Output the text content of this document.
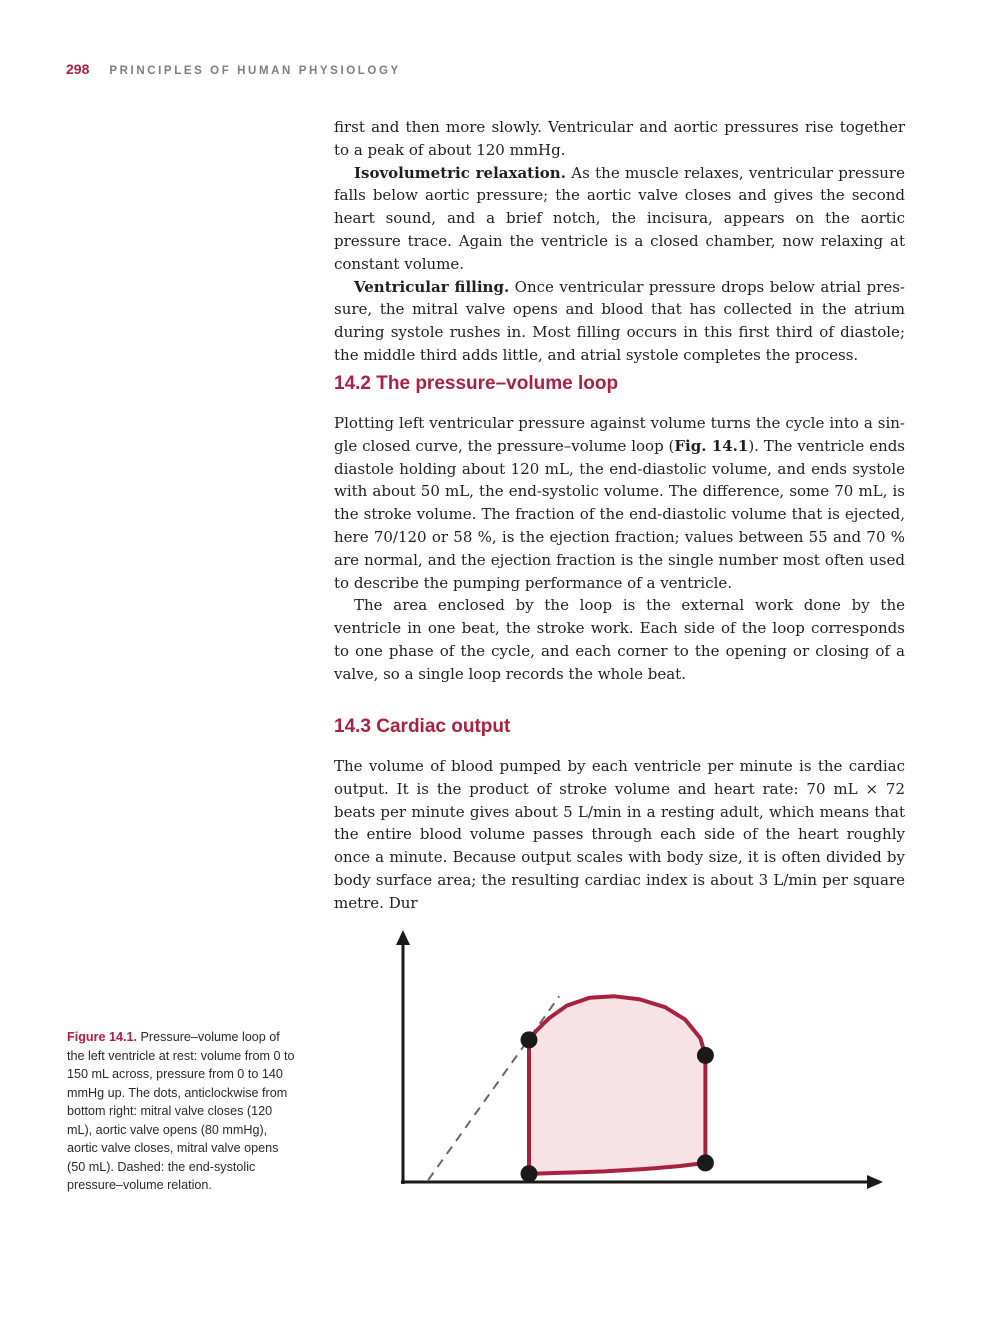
298 PRINCIPLES OF HUMAN PHYSIOLOGY

first and then more slowly. Ventricular and aortic pressures rise together to a peak of about 120 mmHg.

Isovolumetric relaxation. As the muscle relaxes, ventricular pressure falls below aortic pressure; the aortic valve closes and gives the second heart sound, and a brief notch, the incisura, appears on the aortic pressure trace. Again the ventricle is a closed chamber, now relaxing at constant volume.

Ventricular filling. Once ventricular pressure drops below atrial pressure, the mitral valve opens and blood that has collected in the atrium during systole rushes in. Most filling occurs in this first third of diastole; the middle third adds little, and atrial systole completes the process.

14.2 The pressure–volume loop

Plotting left ventricular pressure against volume turns the cycle into a single closed curve, the pressure–volume loop (Fig. 14.1). The ventricle ends diastole holding about 120 mL, the end-diastolic volume, and ends systole with about 50 mL, the end-systolic volume. The difference, some 70 mL, is the stroke volume. The fraction of the end-diastolic volume that is ejected, here 70/120 or 58 %, is the ejection fraction; values between 55 and 70 % are normal, and the ejection fraction is the single number most often used to describe the pumping performance of a ventricle.

The area enclosed by the loop is the external work done by the ventricle in one beat, the stroke work. Each side of the loop corresponds to one phase of the cycle, and each corner to the opening or closing of a valve, so a single loop records the whole beat.

14.3 Cardiac output

The volume of blood pumped by each ventricle per minute is the cardiac output. It is the product of stroke volume and heart rate: 70 mL × 72 beats per minute gives about 5 L/min in a resting adult, which means that the entire blood volume passes through each side of the heart roughly once a minute. Because output scales with body size, it is often divided by body surface area; the resulting cardiac index is about 3 L/min per square metre. Dur

Figure 14.1. Pressure–volume loop of the left ventricle at rest: volume from 0 to 150 mL across, pressure from 0 to 140 mmHg up. The dots, anticlockwise from bottom right: mitral valve closes (120 mL), aortic valve opens (80 mmHg), aortic valve closes, mitral valve opens (50 mL). Dashed: the end-systolic pressure–volume relation.
